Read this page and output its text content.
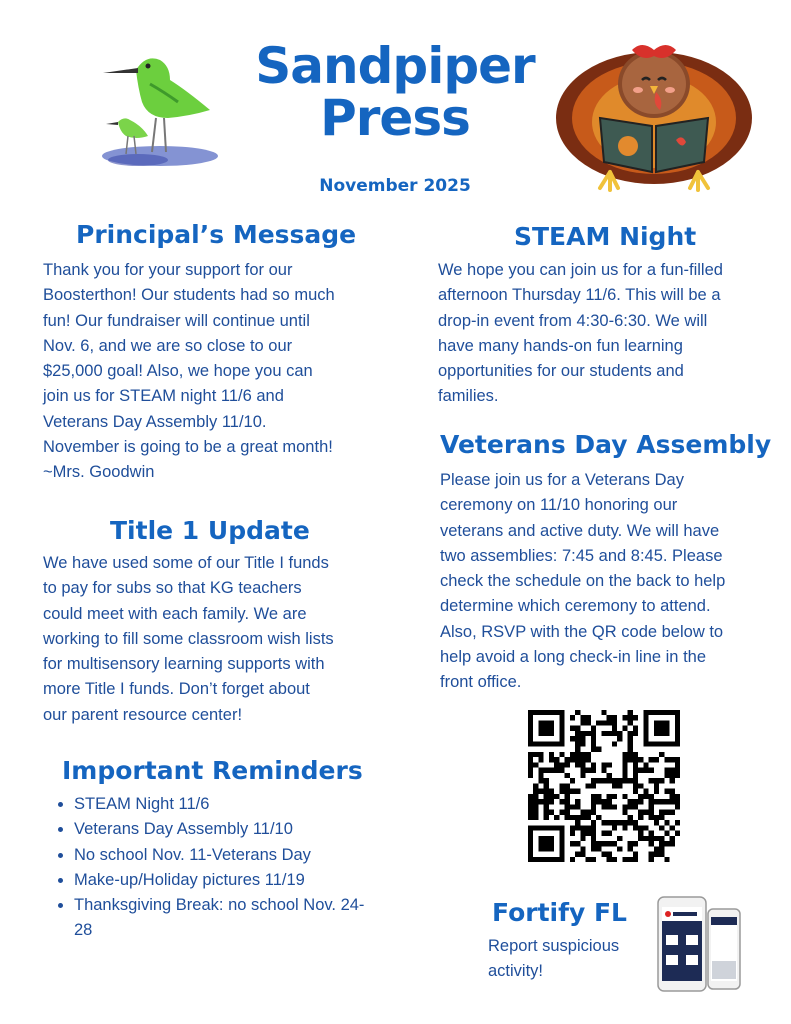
Sandpiper
Press
November 2025
Principal’s Message
Thank you for your support for our
Boosterthon! Our students had so much
fun! Our fundraiser will continue until
Nov. 6, and we are so close to our
$25,000 goal! Also, we hope you can
join us for STEAM night 11/6 and
Veterans Day Assembly 11/10.
November is going to be a great month!
~Mrs. Goodwin
Title 1 Update
We have used some of our Title I funds
to pay for subs so that KG teachers
could meet with each family. We are
working to fill some classroom wish lists
for multisensory learning supports with
more Title I funds. Don’t forget about
our parent resource center!
Important Reminders
• STEAM Night 11/6
• Veterans Day Assembly 11/10
• No school Nov. 11-Veterans Day
• Make-up/Holiday pictures 11/19
• Thanksgiving Break: no school Nov. 24-28
STEAM Night
We hope you can join us for a fun-filled
afternoon Thursday 11/6. This will be a
drop-in event from 4:30-6:30. We will
have many hands-on fun learning
opportunities for our students and
families.
Veterans Day Assembly
Please join us for a Veterans Day
ceremony on 11/10 honoring our
veterans and active duty. We will have
two assemblies: 7:45 and 8:45. Please
check the schedule on the back to help
determine which ceremony to attend.
Also, RSVP with the QR code below to
help avoid a long check-in line in the
front office.
Fortify FL
Report suspicious
activity!
